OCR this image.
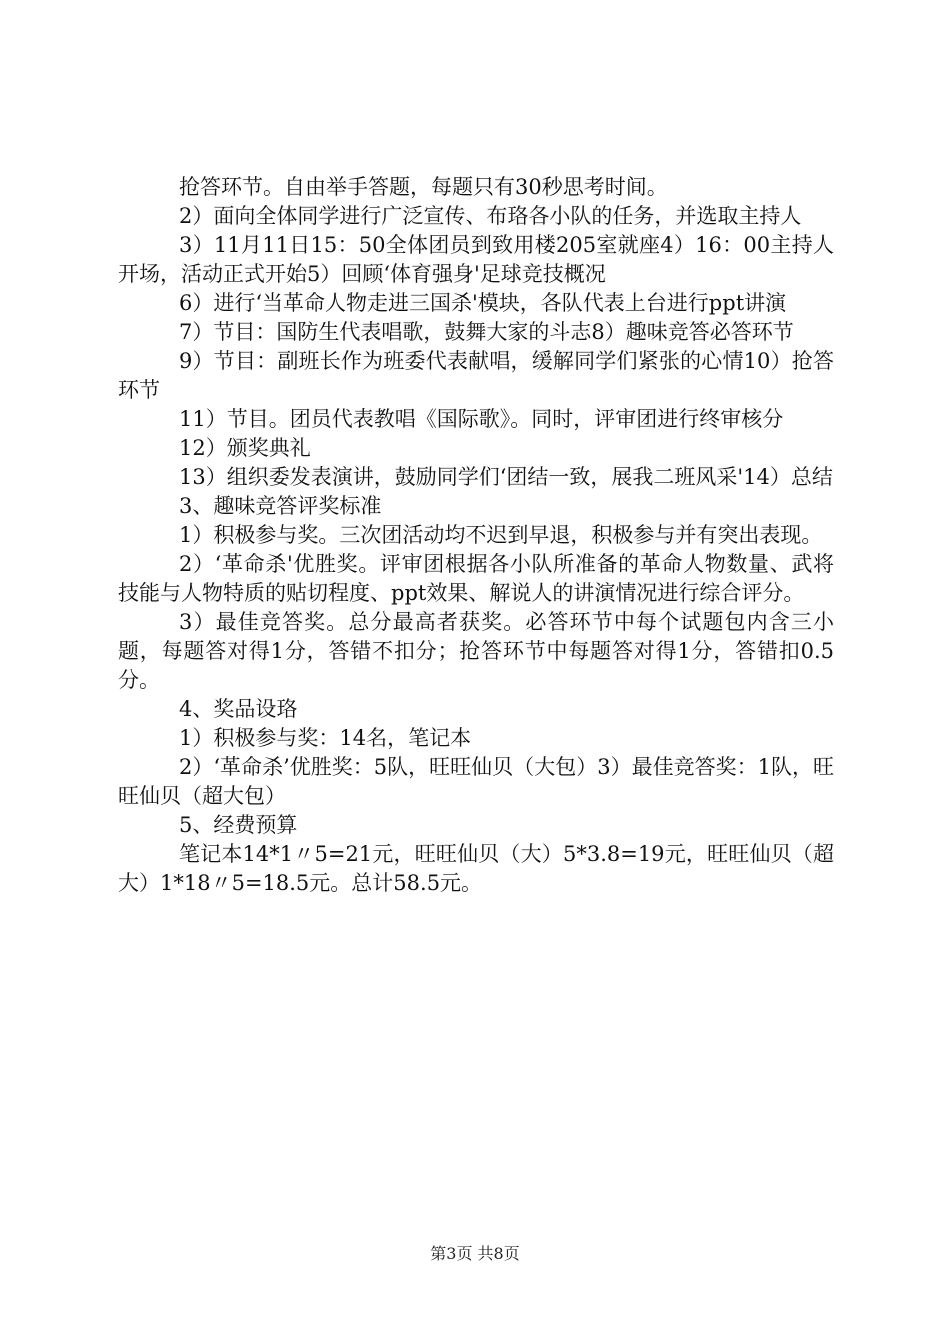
抢答环节。自由举手答题，每题只有30秒思考时间。

2）面向全体同学进行广泛宣传、布珞各小队的任务，并选取主持人

3）11月11日15：50全体团员到致用楼205室就座4）16：00主持人开场，活动正式开始5）回顾‘体育强身'足球竞技概况

6）进行‘当革命人物走进三国杀'模块，各队代表上台进行ppt讲演

7）节目：国防生代表唱歌，鼓舞大家的斗志8）趣味竞答必答环节

9）节目：副班长作为班委代表献唱，缓解同学们紧张的心情10）抢答环节

11）节目。团员代表教唱《国际歌》。同时，评审团进行终审核分

12）颁奖典礼

13）组织委发表演讲，鼓励同学们‘团结一致，展我二班风采'14）总结

3、趣味竞答评奖标准

1）积极参与奖。三次团活动均不迟到早退，积极参与并有突出表现。

2）‘革命杀'优胜奖。评审团根据各小队所准备的革命人物数量、武将技能与人物特质的贴切程度、ppt效果、解说人的讲演情况进行综合评分。

3）最佳竞答奖。总分最高者获奖。必答环节中每个试题包内含三小题，每题答对得1分，答错不扣分；抢答环节中每题答对得1分，答错扣0.5分。

4、奖品设珞

1）积极参与奖：14名，笔记本

2）‘革命杀’优胜奖：5队，旺旺仙贝（大包）3）最佳竞答奖：1队，旺旺仙贝（超大包）

5、经费预算

笔记本14*1〃5=21元，旺旺仙贝（大）5*3.8=19元，旺旺仙贝（超大）1*18〃5=18.5元。总计58.5元。

第3页 共8页
